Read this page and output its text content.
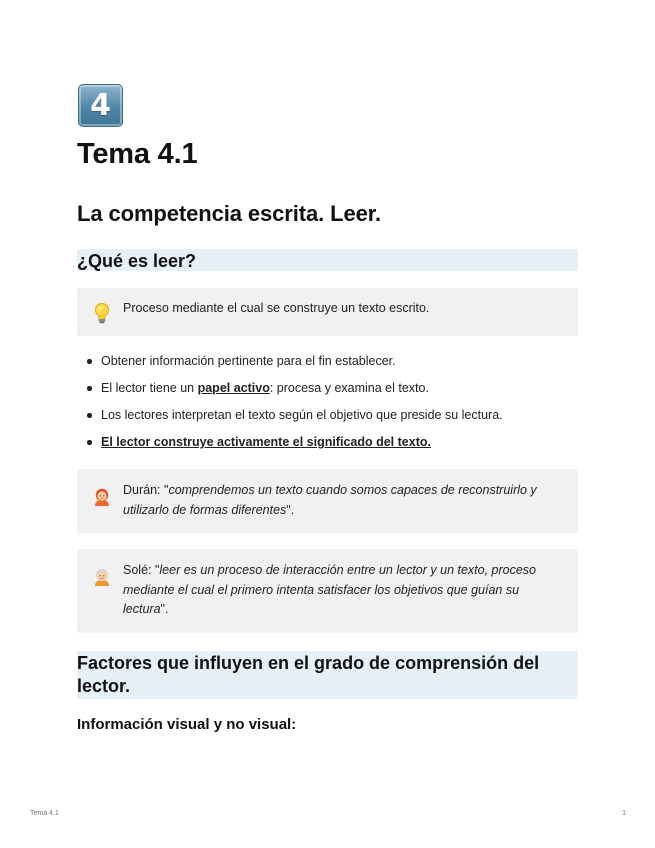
4
Tema 4.1
La competencia escrita. Leer.
¿Qué es leer?
Proceso mediante el cual se construye un texto escrito.
Obtener información pertinente para el fin establecer.
El lector tiene un papel activo: procesa y examina el texto.
Los lectores interpretan el texto según el objetivo que preside su lectura.
El lector construye activamente el significado del texto.
Durán: "comprendemos un texto cuando somos capaces de reconstruirlo y utilizarlo de formas diferentes".
Solé: "leer es un proceso de interacción entre un lector y un texto, proceso mediante el cual el primero intenta satisfacer los objetivos que guían su lectura".
Factores que influyen en el grado de comprensión del lector.
Información visual y no visual:
Tema 4.1	1
